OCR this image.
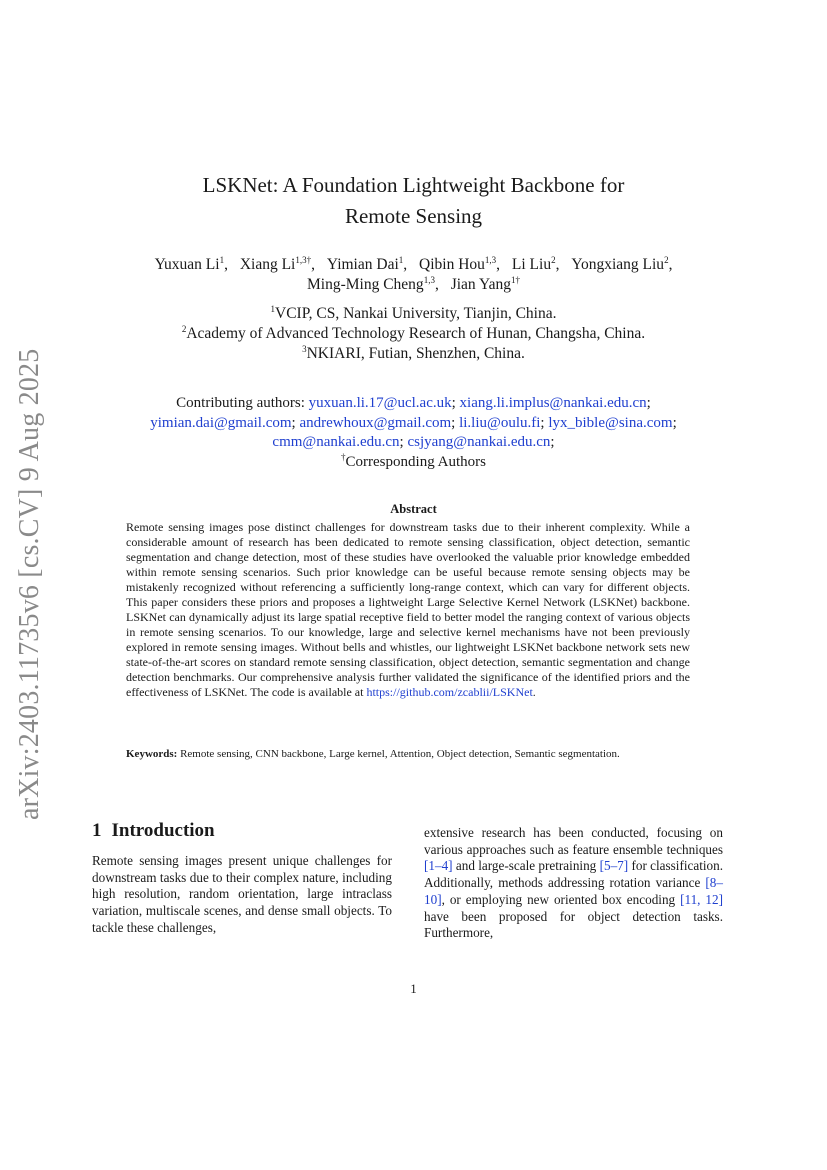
arXiv:2403.11735v6 [cs.CV] 9 Aug 2025
LSKNet: A Foundation Lightweight Backbone for
Remote Sensing
Yuxuan Li$^1$, Xiang $Li^{1,3\dagger}$, Yimian Dai$^1$, Qibin Hou$^{1,3}$, Li Liu$^2$, Yongxiang Liu$^2$,
Ming-Ming Cheng$^{1,3}$, Jian Yang$^{1\dagger}$
$^1$VCIP, CS, Nankai University, Tianjin, China.
$^2$Academy of Advanced Technology Research of Hunan, Changsha, China.
$^3$NKIARI, Futian, Shenzhen, China.
Contributing authors: yuxuan.li.17@ucl.ac.uk; xiang.li.implus@nankai.edu.cn;
yimian.dai@gmail.com; andrewhoux@gmail.com; li.liu@oulu.fi; lyx_bible@sina.com;
cmm@nankai.edu.cn; csjyang@nankai.edu.cn;
†Corresponding Authors
Abstract
Remote sensing images pose distinct challenges for downstream tasks due to their inherent complexity. While a considerable amount of research has been dedicated to remote sensing classification, object detection, semantic segmentation and change detection, most of these studies have overlooked the valuable prior knowledge embedded within remote sensing scenarios. Such prior knowledge can be useful because remote sensing objects may be mistakenly recognized without referencing a sufficiently long-range context, which can vary for different objects. This paper considers these priors and proposes a lightweight Large Selective Kernel Network (LSKNet) backbone. LSKNet can dynamically adjust its large spatial receptive field to better model the ranging context of various objects in remote sensing scenarios. To our knowledge, large and selective kernel mechanisms have not been previously explored in remote sensing images. Without bells and whistles, our lightweight LSKNet backbone network sets new state-of-the-art scores on standard remote sensing classification, object detection, semantic segmentation and change detection benchmarks. Our comprehensive analysis further validated the significance of the identified priors and the effectiveness of LSKNet. The code is available at https://github.com/zcablii/LSKNet.
Keywords: Remote sensing, CNN backbone, Large kernel, Attention, Object detection, Semantic segmentation.
1 Introduction
Remote sensing images present unique challenges for downstream tasks due to their complex nature, including high resolution, random orientation, large intraclass variation, multiscale scenes, and dense small objects. To tackle these challenges,
extensive research has been conducted, focusing on various approaches such as feature ensemble techniques [1–4] and large-scale pretraining [5–7] for classification. Additionally, methods addressing rotation variance [8–10], or employing new oriented box encoding [11, 12] have been proposed for object detection tasks. Furthermore,
1
